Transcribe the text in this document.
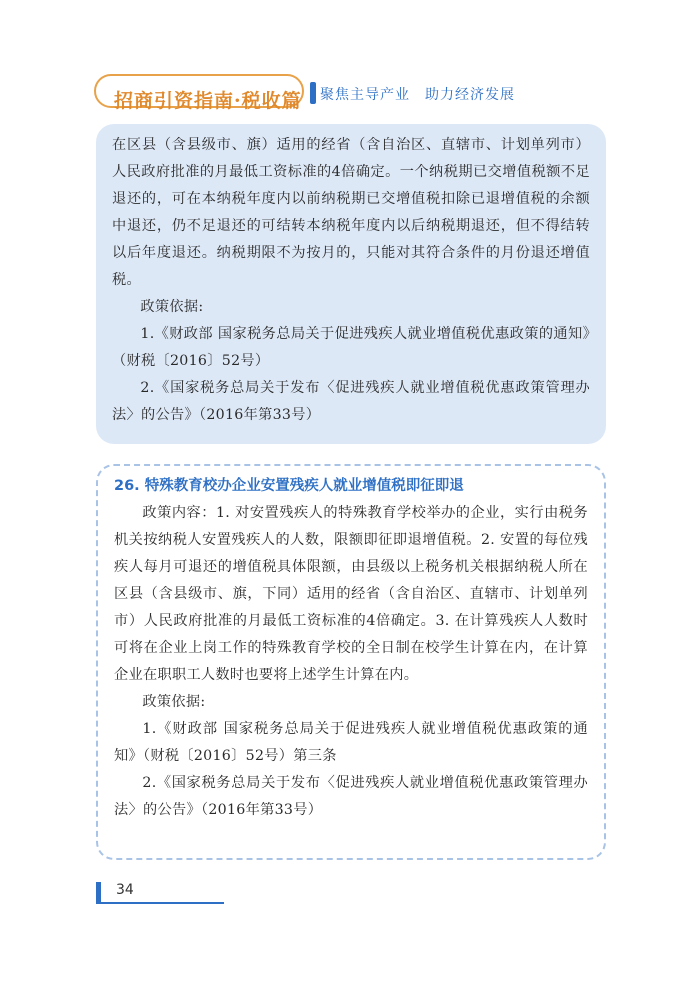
招商引资指南·税收篇 聚焦主导产业　助力经济发展

在区县（含县级市、旗）适用的经省（含自治区、直辖市、计划单列市）人民政府批准的月最低工资标准的4倍确定。一个纳税期已交增值税额不足退还的，可在本纳税年度内以前纳税期已交增值税扣除已退增值税的余额中退还，仍不足退还的可结转本纳税年度内以后纳税期退还，但不得结转以后年度退还。纳税期限不为按月的，只能对其符合条件的月份退还增值税。

政策依据:

1.《财政部 国家税务总局关于促进残疾人就业增值税优惠政策的通知》（财税〔2016〕52号）

2.《国家税务总局关于发布〈促进残疾人就业增值税优惠政策管理办法〉的公告》（2016年第33号）

26. 特殊教育校办企业安置残疾人就业增值税即征即退

政策内容：1. 对安置残疾人的特殊教育学校举办的企业，实行由税务机关按纳税人安置残疾人的人数，限额即征即退增值税。2. 安置的每位残疾人每月可退还的增值税具体限额，由县级以上税务机关根据纳税人所在区县（含县级市、旗，下同）适用的经省（含自治区、直辖市、计划单列市）人民政府批准的月最低工资标准的4倍确定。3. 在计算残疾人人数时可将在企业上岗工作的特殊教育学校的全日制在校学生计算在内，在计算企业在职职工人数时也要将上述学生计算在内。

政策依据:

1.《财政部 国家税务总局关于促进残疾人就业增值税优惠政策的通知》（财税〔2016〕52号）第三条

2.《国家税务总局关于发布〈促进残疾人就业增值税优惠政策管理办法〉的公告》（2016年第33号）

34
